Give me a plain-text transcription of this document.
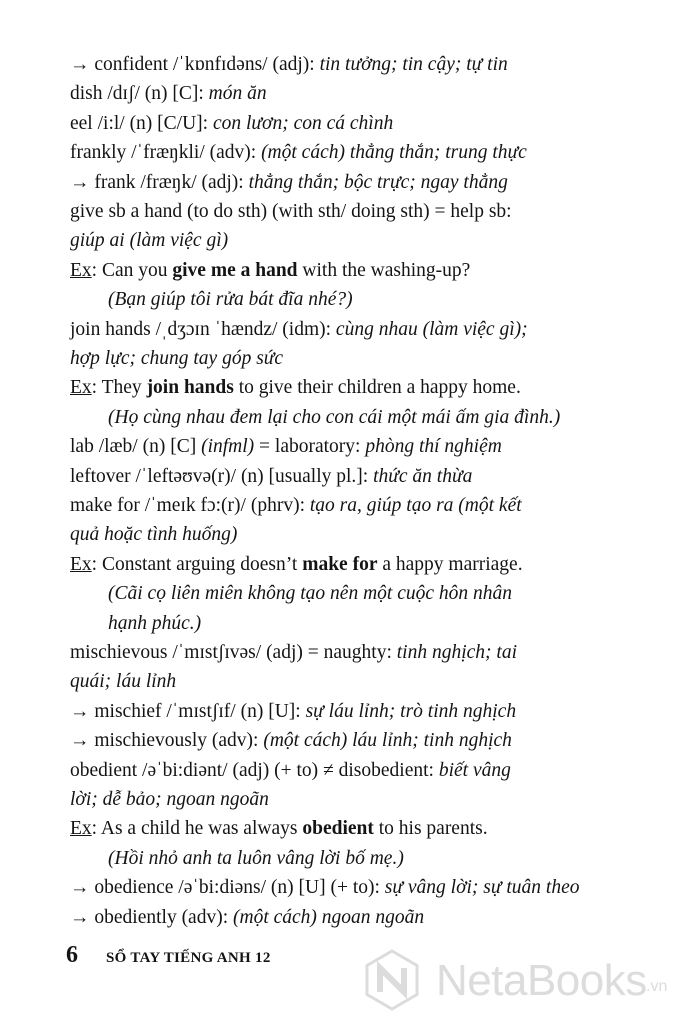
→ confident /ˈkɒnfɪdəns/ (adj): tin tưởng; tin cậy; tự tin
dish /dɪʃ/ (n) [C]: món ăn
eel /i:l/ (n) [C/U]: con lươn; con cá chình
frankly /ˈfræŋkli/ (adv): (một cách) thẳng thắn; trung thực
→ frank /fræŋk/ (adj): thẳng thắn; bộc trực; ngay thẳng
give sb a hand (to do sth) (with sth/ doing sth) = help sb:
giúp ai (làm việc gì)
Ex: Can you give me a hand with the washing-up?
(Bạn giúp tôi rửa bát đĩa nhé?)
join hands /ˌdʒɔɪn ˈhændz/ (idm): cùng nhau (làm việc gì);
hợp lực; chung tay góp sức
Ex: They join hands to give their children a happy home.
(Họ cùng nhau đem lại cho con cái một mái ấm gia đình.)
lab /læb/ (n) [C] (infml) = laboratory: phòng thí nghiệm
leftover /ˈleftəʊvə(r)/ (n) [usually pl.]: thức ăn thừa
make for /ˈmeɪk fɔ:(r)/ (phrv): tạo ra, giúp tạo ra (một kết
quả hoặc tình huống)
Ex: Constant arguing doesn’t make for a happy marriage.
(Cãi cọ liên miên không tạo nên một cuộc hôn nhân
hạnh phúc.)
mischievous /ˈmɪstʃɪvəs/ (adj) = naughty: tinh nghịch; tai
quái; láu lỉnh
→ mischief /ˈmɪstʃɪf/ (n) [U]: sự láu lỉnh; trò tinh nghịch
→ mischievously (adv): (một cách) láu lỉnh; tinh nghịch
obedient /əˈbi:diənt/ (adj) (+ to) ≠ disobedient: biết vâng
lời; dễ bảo; ngoan ngoãn
Ex: As a child he was always obedient to his parents.
(Hồi nhỏ anh ta luôn vâng lời bố mẹ.)
→ obedience /əˈbi:diəns/ (n) [U] (+ to): sự vâng lời; sự tuân theo
→ obediently (adv): (một cách) ngoan ngoãn
6 SỔ TAY TIẾNG ANH 12	NetaBooks .vn
